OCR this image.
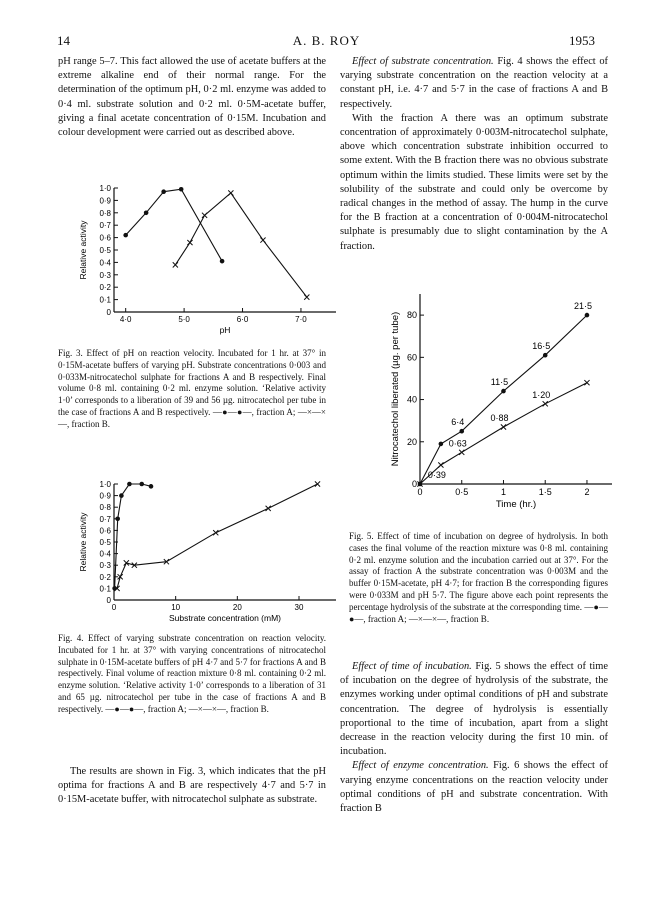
14	A. B. ROY	1953

pH range 5–7. This fact allowed the use of acetate buffers at the extreme alkaline end of their normal range. For the determination of the optimum pH, 0·2 ml. enzyme was added to 0·4 ml. substrate solution and 0·2 ml. 0·5M-acetate buffer, giving a final acetate concentration of 0·15M. Incubation and colour development were carried out as described above.

0
0·1
0·2
0·3
0·4
0·5
0·6
0·7
0·8
0·9
1·0
4·0	5·0	6·0	7·0
pH
Relative activity
Fig. 3. Effect of pH on reaction velocity. Incubated for 1 hr. at 37° in 0·15M-acetate buffers of varying pH. Substrate concentrations 0·003 and 0·033M-nitrocatechol sulphate for fractions A and B respectively. Final volume 0·8 ml. containing 0·2 ml. enzyme solution. ‘Relative activity 1·0’ corresponds to a liberation of 39 and 56 µg. nitrocatechol per tube in the case of fractions A and B respectively. —●—●—, fraction A; —×—×—, fraction B.
0
0·1
0·2
0·3
0·4
0·5
0·6
0·7
0·8
0·9
1·0
0	10	20	30
Substrate concentration (mM)
Relative activity
Fig. 4. Effect of varying substrate concentration on reaction velocity. Incubated for 1 hr. at 37° with varying concentrations of nitrocatechol sulphate in 0·15M-acetate buffers of pH 4·7 and 5·7 for fractions A and B respectively. Final volume of reaction mixture 0·8 ml. containing 0·2 ml. enzyme solution. ‘Relative activity 1·0’ corresponds to a liberation of 31 and 65 µg. nitrocatechol per tube in the case of fractions A and B respectively. —●—●—, fraction A; —×—×—, fraction B.

The results are shown in Fig. 3, which indicates that the pH optima for fractions A and B are respectively 4·7 and 5·7 in 0·15M-acetate buffer, with nitrocatechol sulphate as substrate.

Effect of substrate concentration. Fig. 4 shows the effect of varying substrate concentration on the reaction velocity at a constant pH, i.e. 4·7 and 5·7 in the case of fractions A and B respectively.

With the fraction A there was an optimum substrate concentration of approximately 0·003M-nitrocatechol sulphate, above which concentration substrate inhibition occurred to some extent. With the B fraction there was no obvious substrate optimum within the limits studied. These limits were set by the solubility of the substrate and could only be overcome by radical changes in the method of assay. The hump in the curve for the B fraction at a concentration of 0·004M-nitrocatechol sulphate is presumably due to slight contamination by the A fraction.

0
20
40
60
80
0	0·5	1	1·5	2
Time (hr.)
Nitrocatechol liberated (µg. per tube)	6·4
11·5
16·5
21·5
0·39
0·63
0·88
1·20
Fig. 5. Effect of time of incubation on degree of hydrolysis. In both cases the final volume of the reaction mixture was 0·8 ml. containing 0·2 ml. enzyme solution and the incubation carried out at 37°. For the assay of fraction A the substrate concentration was 0·003M and the buffer 0·15M-acetate, pH 4·7; for fraction B the corresponding figures were 0·033M and pH 5·7. The figure above each point represents the percentage hydrolysis of the substrate at the corresponding time. —●—●—, fraction A; —×—×—, fraction B.

Effect of time of incubation. Fig. 5 shows the effect of time of incubation on the degree of hydrolysis of the substrate, the enzymes working under optimal conditions of pH and substrate concentration. The degree of hydrolysis is essentially proportional to the time of incubation, apart from a slight decrease in the reaction velocity during the first 10 min. of incubation.

Effect of enzyme concentration. Fig. 6 shows the effect of varying enzyme concentrations on the reaction velocity under optimal conditions of pH and substrate concentration. With fraction B
